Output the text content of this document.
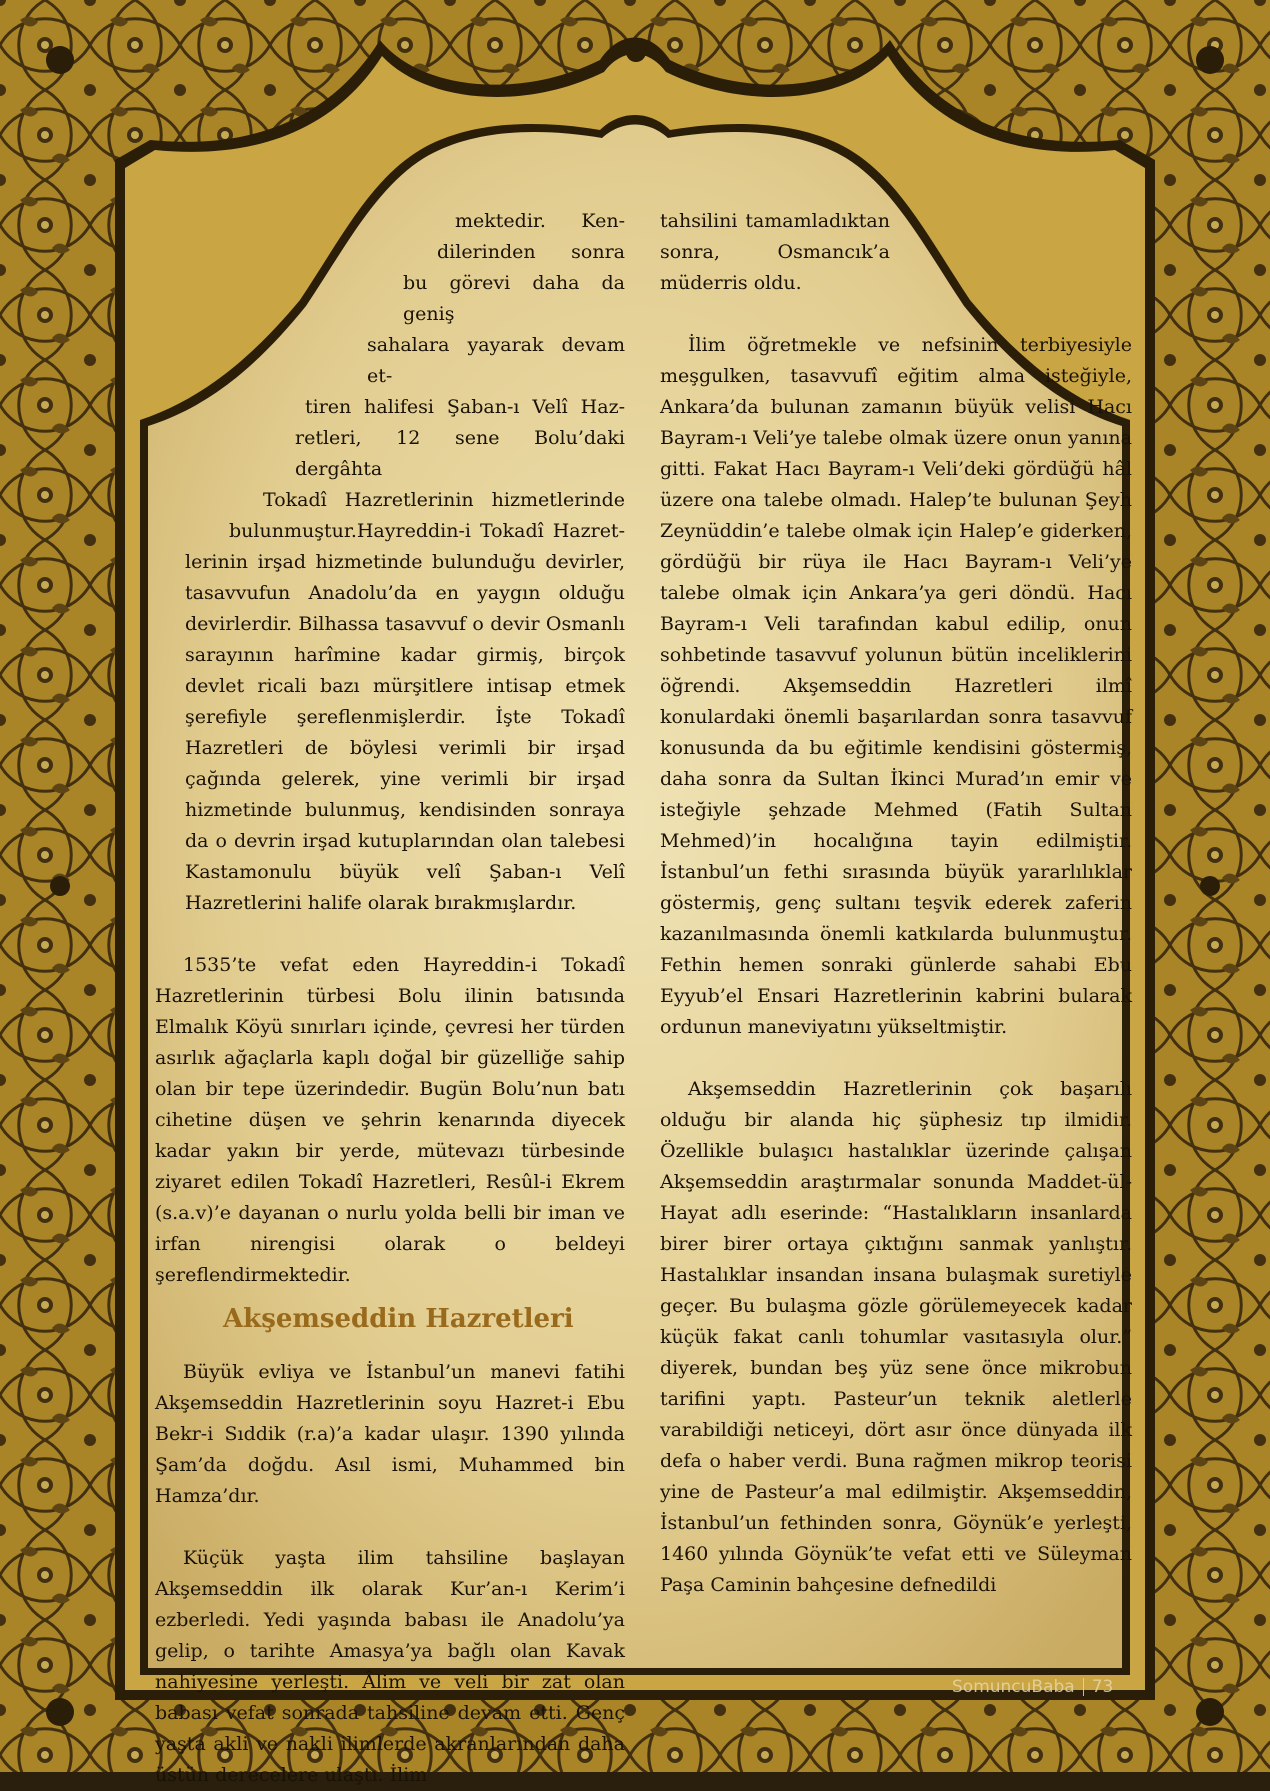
mektedir. Ken-
dilerinden sonra
bu görevi daha da geniş
sahalara yayarak devam et-
tiren halifesi Şaban-ı Velî Haz-
retleri, 12 sene Bolu’daki dergâhta
Tokadî Hazretlerinin hizmetlerinde
bulunmuştur.Hayreddin-i Tokadî Hazret-

lerinin irşad hizmetinde bulunduğu devirler, tasavvufun Anadolu’da en yaygın olduğu devirlerdir. Bilhassa tasavvuf o devir Osmanlı sarayının harîmine kadar girmiş, birçok devlet ricali bazı mürşitlere intisap etmek şerefiyle şereflenmişlerdir. İşte Tokadî Hazretleri de böylesi verimli bir irşad çağında gelerek, yine verimli bir irşad hizmetinde bulunmuş, kendisinden sonraya da o devrin irşad kutuplarından olan talebesi Kastamonulu büyük velî Şaban-ı Velî Hazretlerini halife olarak bırakmışlardır.

1535’te vefat eden Hayreddin-i Tokadî Hazretlerinin türbesi Bolu ilinin batısında Elmalık Köyü sınırları içinde, çevresi her türden asırlık ağaçlarla kaplı doğal bir güzelliğe sahip olan bir tepe üzerindedir. Bugün Bolu’nun batı cihetine düşen ve şehrin kenarında diyecek kadar yakın bir yerde, mütevazı türbesinde ziyaret edilen Tokadî Hazretleri, Resûl-i Ekrem (s.a.v)’e dayanan o nurlu yolda belli bir iman ve irfan nirengisi olarak o beldeyi şereflendirmektedir.

Akşemseddin Hazretleri

Büyük evliya ve İstanbul’un manevi fatihi Akşemseddin Hazretlerinin soyu Hazret-i Ebu Bekr-i Sıddik (r.a)’a kadar ulaşır. 1390 yılında Şam’da doğdu. Asıl ismi, Muhammed bin Hamza’dır.

Küçük yaşta ilim tahsiline başlayan Akşemseddin ilk olarak Kur’an-ı Kerim’i ezberledi. Yedi yaşında babası ile Anadolu’ya gelip, o tarihte Amasya’ya bağlı olan Kavak nahiyesine yerleşti. Âlim ve veli bir zat olan babası vefat sonrada tahsiline devam etti. Genç yaşta akli ve nakli ilimlerde akranlarından daha üstün derecelere ulaştı. İlim

tahsilini tamamladıktan sonra, Osmancık’a müderris oldu.

İlim öğretmekle ve nefsinin terbiyesiyle meşgulken, tasavvufî eğitim alma isteğiyle, Ankara’da bulunan zamanın büyük velisi Hacı Bayram-ı Veli’ye talebe olmak üzere onun yanına gitti. Fakat Hacı Bayram-ı Veli’deki gördüğü hâl üzere ona talebe olmadı. Halep’te bulunan Şeyh Zeynüddin’e talebe olmak için Halep’e giderken, gördüğü bir rüya ile Hacı Bayram-ı Veli’ye talebe olmak için Ankara’ya geri döndü. Hacı Bayram-ı Veli tarafından kabul edilip, onun sohbetinde tasavvuf yolunun bütün inceliklerini öğrendi. Akşemseddin Hazretleri ilmî konulardaki önemli başarılardan sonra tasavvuf konusunda da bu eğitimle kendisini göstermiş, daha sonra da Sultan İkinci Murad’ın emir ve isteğiyle şehzade Mehmed (Fatih Sultan Mehmed)’in hocalığına tayin edilmiştir. İstanbul’un fethi sırasında büyük yararlılıklar göstermiş, genç sultanı teşvik ederek zaferin kazanılmasında önemli katkılarda bulunmuştur. Fethin hemen sonraki günlerde sahabi Ebu Eyyub’el Ensari Hazretlerinin kabrini bularak ordunun maneviyatını yükseltmiştir.

Akşemseddin Hazretlerinin çok başarılı olduğu bir alanda hiç şüphesiz tıp ilmidir. Özellikle bulaşıcı hastalıklar üzerinde çalışan Akşemseddin araştırmalar sonunda Maddet-ül-Hayat adlı eserinde: “Hastalıkların insanlarda birer birer ortaya çıktığını sanmak yanlıştır. Hastalıklar insandan insana bulaşmak suretiyle geçer. Bu bulaşma gözle görülemeyecek kadar küçük fakat canlı tohumlar vasıtasıyla olur.” diyerek, bundan beş yüz sene önce mikrobun tarifini yaptı. Pasteur’un teknik aletlerle varabildiği neticeyi, dört asır önce dünyada ilk defa o haber verdi. Buna rağmen mikrop teorisi yine de Pasteur’a mal edilmiştir. Akşemseddin, İstanbul’un fethinden sonra, Göynük’e yerleşti, 1460 yılında Göynük’te vefat etti ve Süleyman Paşa Caminin bahçesine defnedildi

SomuncuBaba 73
